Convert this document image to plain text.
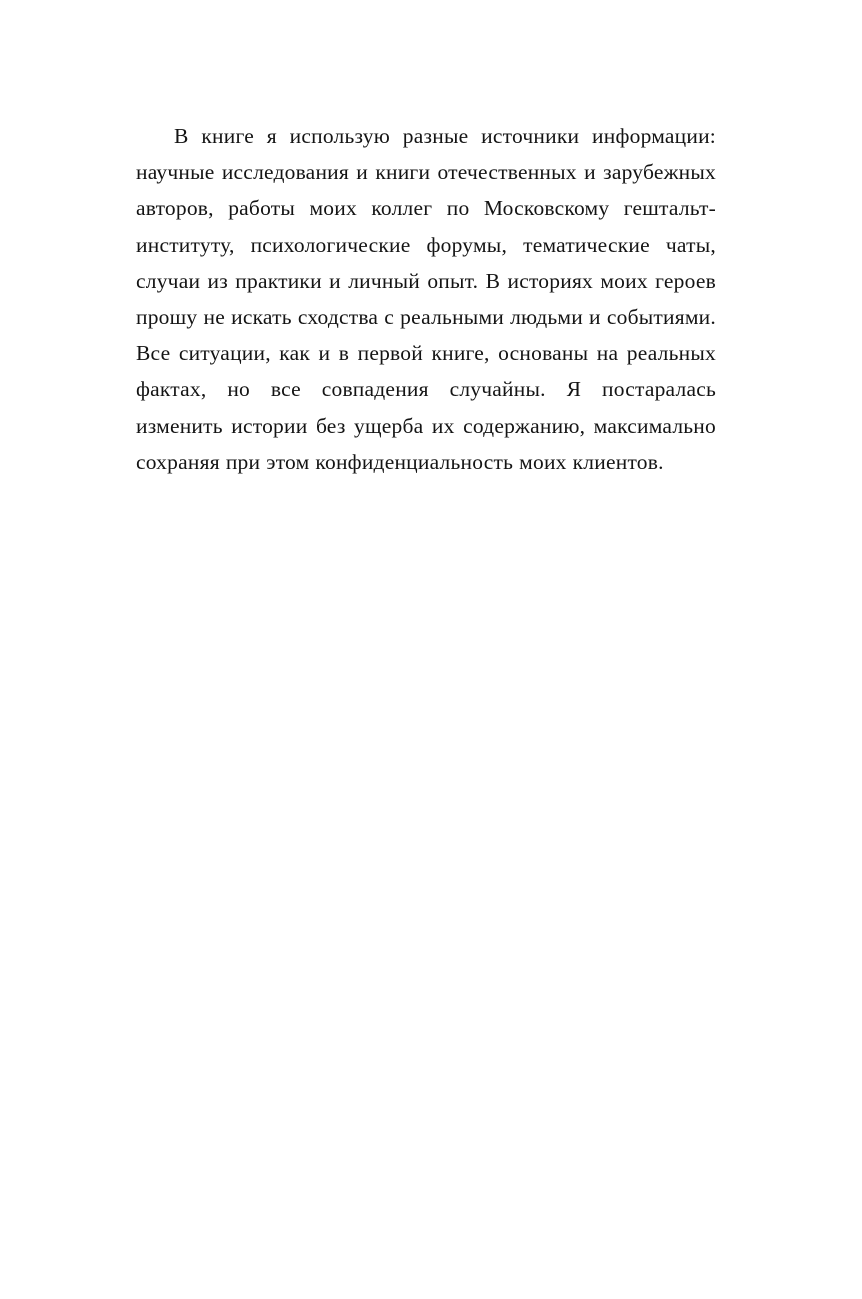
В книге я использую разные источники информации: научные исследования и книги отечественных и зарубежных авторов, работы моих коллег по Московскому гештальт-институту, психологические форумы, тематические чаты, случаи из практики и личный опыт. В историях моих героев прошу не искать сходства с реальными людьми и событиями. Все ситуации, как и в первой книге, основаны на реальных фактах, но все совпадения случайны. Я постаралась изменить истории без ущерба их содержанию, максимально сохраняя при этом конфиденциальность моих клиентов.
